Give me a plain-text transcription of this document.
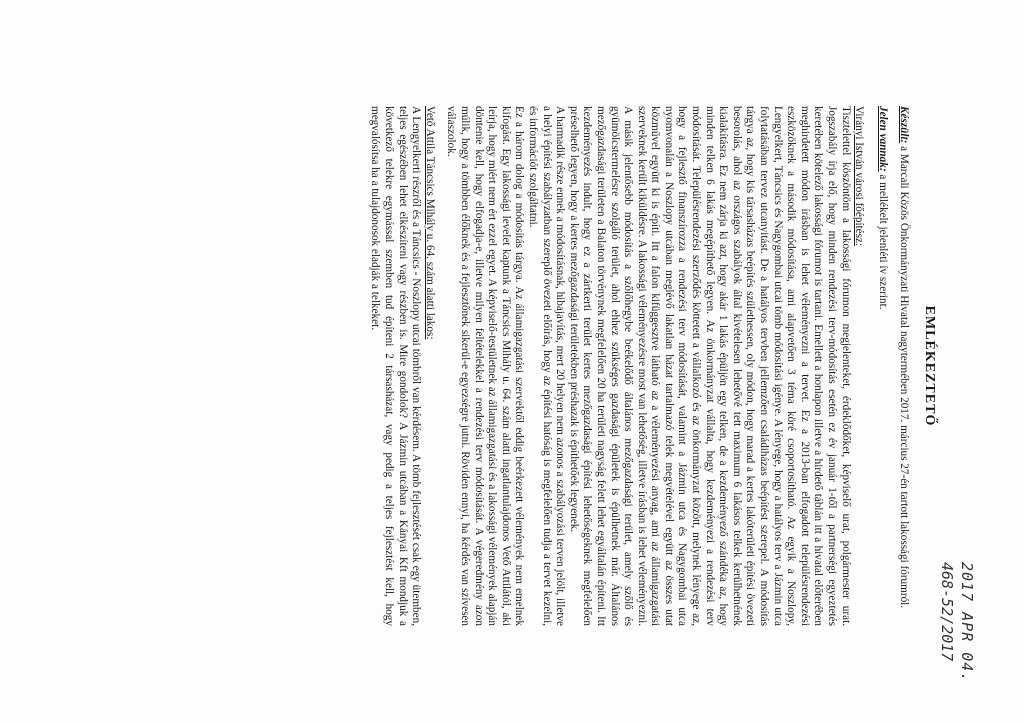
2017 APR 04.
468-52/2017
EMLÉKEZTETŐ

Készült: a Marcali Közös Önkormányzati Hivatal nagytermében 2017. március 27-én tartott lakossági fórumról.

Jelen vannak: a mellékelt jelenléti ív szerint.

Virányi István városi főépítész:

Tisztelettel köszöntöm a lakossági fórumon megjelenteket, érdeklődőket, képviselő urat, polgármester urat. Jogszabály írja elő, hogy minden rendezési terv-módosítás esetén ez év január 1-től a partnerségi egyeztetés keretében kötelező lakossági fórumot is tartani. Emellett a honlapon illetve a hirdető táblán itt a hivatal előterében meghirdetett módon írásban is lehet véleményezni a tervet. Ez a 2013-ban elfogadott településrendezési eszközöknek a második módosítása, ami alapvetően 3 téma köré csoportosítható. Az egyik a Noszlopy, Lengyelkert, Táncsics és Nagygombai utcai tömb módosítási igénye. A lényege, hogy a hatályos terv a Jázmin utca folytatásában tervez utcanyitást. De a hatályos tervben jellemzően családiházas beépítést szerepel. A módosítás tárgya az, hogy kis társasházas beépítés születhessen, oly módon, hogy marad a kertes lakóterületi építési övezeti besorolás, ahol az országos szabályok által kivételesen lehetővé tett maximum 6 lakásos telkek kerülhetnének kialakításra. Ez nem zárja ki azt, hogy akár 1 lakás épüljön egy telken, de a kezdeményező szándéka az, hogy minden telken 6 lakás megépíthető legyen. Az önkormányzat vállalta, hogy kezdeményezi a rendezési terv módosítását. Településrendezési szerződés köttetett a vállalkozó és az önkormányzat között, melynek lényege az, hogy a fejlesztő finanszírozza a rendezési terv módosítását, valamint a Jázmin utca és Nagygombai utca nyomvonalán a Noszlopy utcában meglévő lakatlan házat tartalmazó telek megvételével együtt az összes utat közművel együtt ki is építi. Itt a falon kifüggesztve látható az a véleményezési anyag, ami az államigazgatási szerveknek került kiküldésre. A lakossági véleményezésre most van lehetőség, illetve írásban is lehet véleményezni. A másik jelentősebb módosítás a szőlőhegybe beékelődő általános mezőgazdasági terület, amely szőlő és gyümölcstermelésre szolgáló terület, ahol ehhez szükséges gazdasági épületek is épülhetnek már. Általános mezőgazdasági területen a Balaton törvénynek megfelelően 20 ha területi nagyság felett lehet egyáltalán építeni. Itt kezdeményezés indult, hogy ez a zártkerti terület kertes mezőgazdasági építési lehetőségeknek megfelelően préselhető legyen, hogy a kertes mezőgazdasági területekben préshazak is építhetőek legyenek.

A harmadik része ennek a módosításnak, hibajavítás, mert 20 helyen nem azonos a szabályozási terven jelölt, illetve a helyi építési szabályzatban szereplő övezeti előírás, hogy az építési hatóság is megfelelően tudja a tervet kezelni, és információt szolgáltatni.

Ez a három dolog a módosítás tárgya. Az államigazgatási szervektől eddig beérkezett vélemények nem emelnek kifogást. Egy lakossági levelet kaptunk a Táncsics Mihály u. 64. szám alatti ingatlantulajdonos Vető Attilától, aki leírja, hogy miért nem ért ezzel egyet. A képviselő-testületnek az államigazgatási és a lakossági vélemények alapján döntenie kell, hogy elfogadja-e, illetve milyen feltételekkel a rendezési terv módosítását. A végeredmény azon múlik, hogy a tömbben élőknek és a fejlesztőnek sikerül-e egyezségre jutni. Röviden ennyi, ha kérdés van szívesen válaszolok.

Vető Attila Táncsics Mihály u. 64. szám alatti lakos:

A Lengyelkerti részről és a Táncsics - Noszlopy utcai tömbről van kérdésem. A tömb fejlesztését csak egy ütemben, teljes egészében lehet elkészíteni vagy részben is. Mire gondolok? A Jázmin utcában a Kányai Kft mondjuk a következő telekre egymással szemben tud építeni 2 társasházat, vagy pedig a teljes fejlesztést kell, hogy megvalósítsa ha a tulajdonosok eladják a telkeket.
